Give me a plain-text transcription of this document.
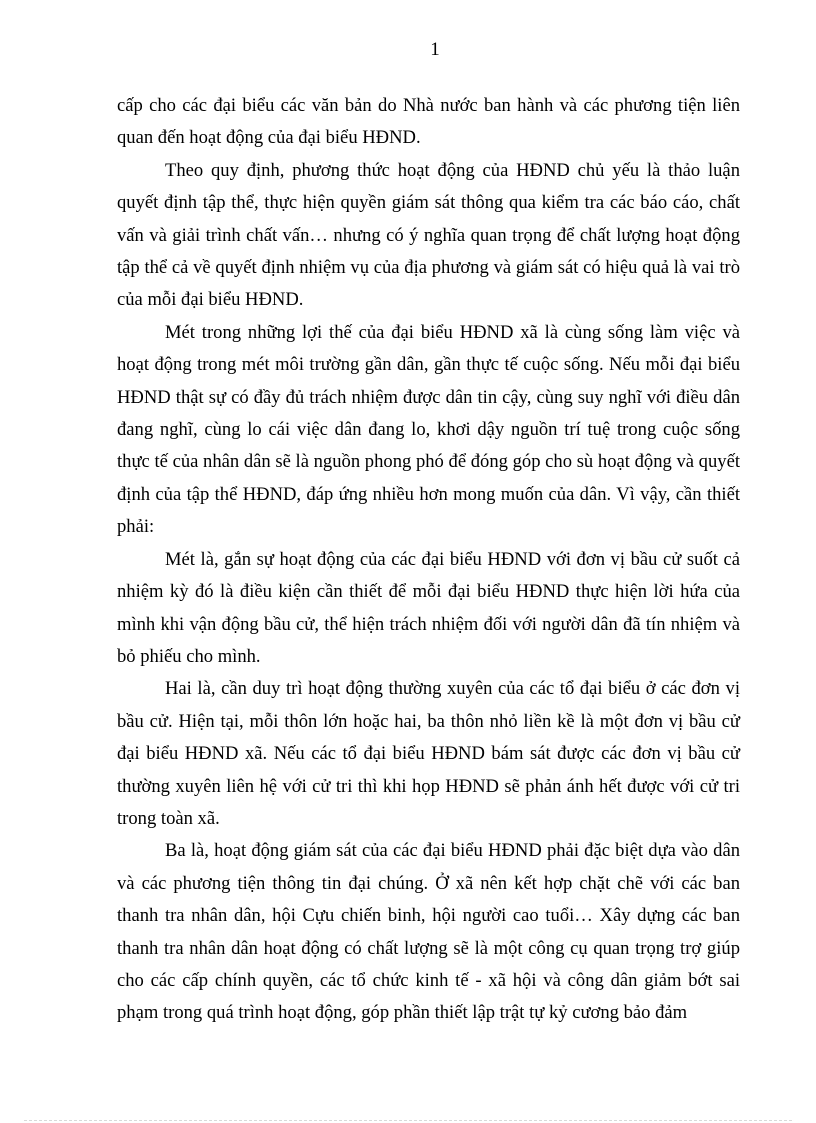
1

cấp cho các đại biểu các văn bản do Nhà nước ban hành và các phương tiện liên quan đến hoạt động của đại biểu HĐND.

Theo quy định, phương thức hoạt động của HĐND chủ yếu là thảo luận quyết định tập thể, thực hiện quyền giám sát thông qua kiểm tra các báo cáo, chất vấn và giải trình chất vấn… nhưng có ý nghĩa quan trọng để chất lượng hoạt động tập thể cả về quyết định nhiệm vụ của địa phương và giám sát có hiệu quả là vai trò của mỗi đại biểu HĐND.

Mét trong những lợi thế của đại biểu HĐND xã là cùng sống làm việc và hoạt động trong mét môi trường gần dân, gần thực tế cuộc sống. Nếu mỗi đại biểu HĐND thật sự có đầy đủ trách nhiệm được dân tin cậy, cùng suy nghĩ với điều dân đang nghĩ, cùng lo cái việc dân đang lo, khơi dậy nguồn trí tuệ trong cuộc sống thực tế của nhân dân sẽ là nguồn phong phó để đóng góp cho sù hoạt động và quyết định của tập thể HĐND, đáp ứng nhiều hơn mong muốn của dân. Vì vậy, cần thiết phải:

Mét là, gắn sự hoạt động của các đại biểu HĐND với đơn vị bầu cử suốt cả nhiệm kỳ đó là điều kiện cần thiết để mỗi đại biểu HĐND thực hiện lời hứa của mình khi vận động bầu cử, thể hiện trách nhiệm đối với người dân đã tín nhiệm và bỏ phiếu cho mình.

Hai là, cần duy trì hoạt động thường xuyên của các tổ đại biểu ở các đơn vị bầu cử. Hiện tại, mỗi thôn lớn hoặc hai, ba thôn nhỏ liền kề là một đơn vị bầu cử đại biểu HĐND xã. Nếu các tổ đại biểu HĐND bám sát được các đơn vị bầu cử thường xuyên liên hệ với cử tri thì khi họp HĐND sẽ phản ánh hết được với cử tri trong toàn xã.

Ba là, hoạt động giám sát của các đại biểu HĐND phải đặc biệt dựa vào dân và các phương tiện thông tin đại chúng. Ở xã nên kết hợp chặt chẽ với các ban thanh tra nhân dân, hội Cựu chiến binh, hội người cao tuổi… Xây dựng các ban thanh tra nhân dân hoạt động có chất lượng sẽ là một công cụ quan trọng trợ giúp cho các cấp chính quyền, các tổ chức kinh tế - xã hội và công dân giảm bớt sai phạm trong quá trình hoạt động, góp phần thiết lập trật tự kỷ cương bảo đảm
